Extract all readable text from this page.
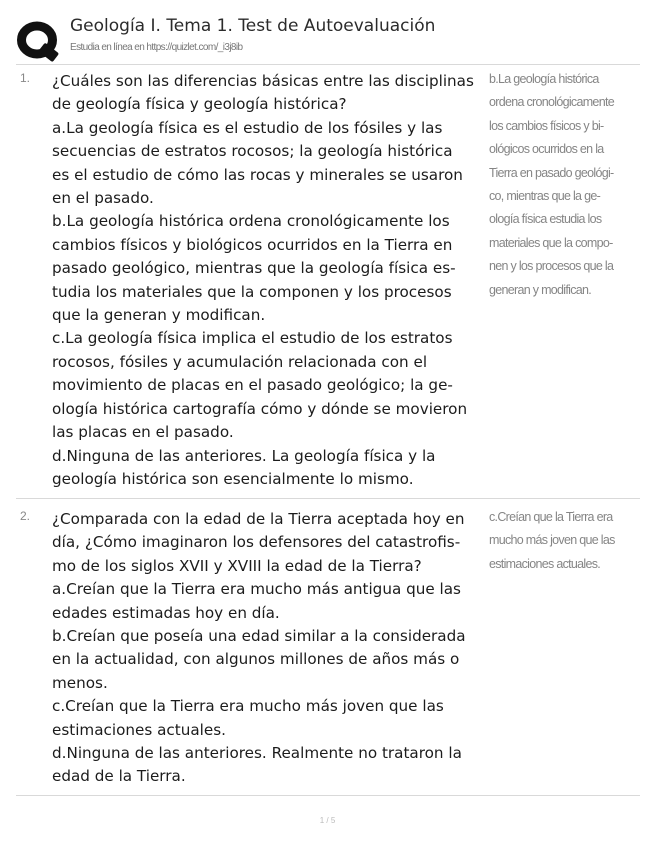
Geología I. Tema 1. Test de Autoevaluación
Estudia en línea en https://quizlet.com/_i3j8ib
1. ¿Cuáles son las diferencias básicas entre las disciplinas
de geología física y geología histórica?
a.La geología física es el estudio de los fósiles y las
secuencias de estratos rocosos; la geología histórica
es el estudio de cómo las rocas y minerales se usaron
en el pasado.
b.La geología histórica ordena cronológicamente los
cambios físicos y biológicos ocurridos en la Tierra en
pasado geológico, mientras que la geología física es-
tudia los materiales que la componen y los procesos
que la generan y modifican.
c.La geología física implica el estudio de los estratos
rocosos, fósiles y acumulación relacionada con el
movimiento de placas en el pasado geológico; la ge-
ología histórica cartografía cómo y dónde se movieron
las placas en el pasado.
d.Ninguna de las anteriores. La geología física y la
geología histórica son esencialmente lo mismo.
b.La geología histórica
ordena cronológicamente
los cambios físicos y bi-
ológicos ocurridos en la
Tierra en pasado geológi-
co, mientras que la ge-
ología física estudia los
materiales que la compo-
nen y los procesos que la
generan y modifican.
2. ¿Comparada con la edad de la Tierra aceptada hoy en
día, ¿Cómo imaginaron los defensores del catastrofis-
mo de los siglos XVII y XVIII la edad de la Tierra?
a.Creían que la Tierra era mucho más antigua que las
edades estimadas hoy en día.
b.Creían que poseía una edad similar a la considerada
en la actualidad, con algunos millones de años más o
menos.
c.Creían que la Tierra era mucho más joven que las
estimaciones actuales.
d.Ninguna de las anteriores. Realmente no trataron la
edad de la Tierra.
c.Creían que la Tierra era
mucho más joven que las
estimaciones actuales.
1 / 5
